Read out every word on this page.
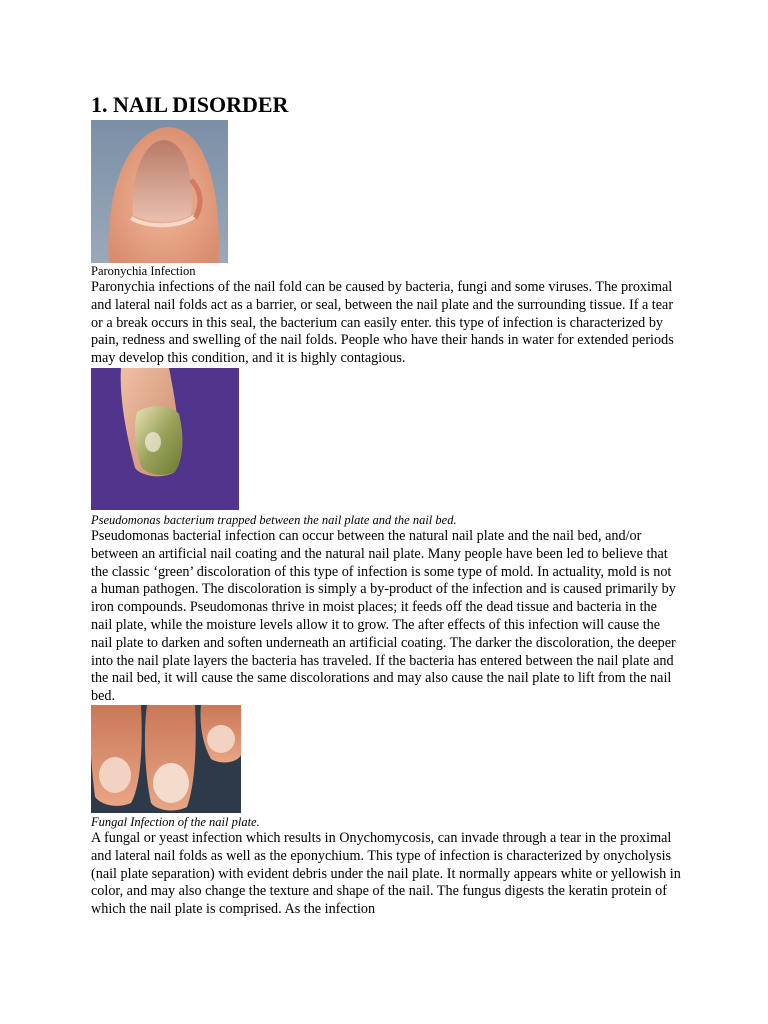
1. NAIL DISORDER

Paronychia Infection

Paronychia infections of the nail fold can be caused by bacteria, fungi and some viruses. The proximal and lateral nail folds act as a barrier, or seal, between the nail plate and the surrounding tissue. If a tear or a break occurs in this seal, the bacterium can easily enter. this type of infection is characterized by pain, redness and swelling of the nail folds. People who have their hands in water for extended periods may develop this condition, and it is highly contagious.

Pseudomonas bacterium trapped between the nail plate and the nail bed.

Pseudomonas bacterial infection can occur between the natural nail plate and the nail bed, and/or between an artificial nail coating and the natural nail plate. Many people have been led to believe that the classic ‘green’ discoloration of this type of infection is some type of mold. In actuality, mold is not a human pathogen. The discoloration is simply a by-product of the infection and is caused primarily by iron compounds. Pseudomonas thrive in moist places; it feeds off the dead tissue and bacteria in the nail plate, while the moisture levels allow it to grow. The after effects of this infection will cause the nail plate to darken and soften underneath an artificial coating. The darker the discoloration, the deeper into the nail plate layers the bacteria has traveled. If the bacteria has entered between the nail plate and the nail bed, it will cause the same discolorations and may also cause the nail plate to lift from the nail bed.

Fungal Infection of the nail plate.

A fungal or yeast infection which results in Onychomycosis, can invade through a tear in the proximal and lateral nail folds as well as the eponychium. This type of infection is characterized by onycholysis (nail plate separation) with evident debris under the nail plate. It normally appears white or yellowish in color, and may also change the texture and shape of the nail. The fungus digests the keratin protein of which the nail plate is comprised. As the infection
